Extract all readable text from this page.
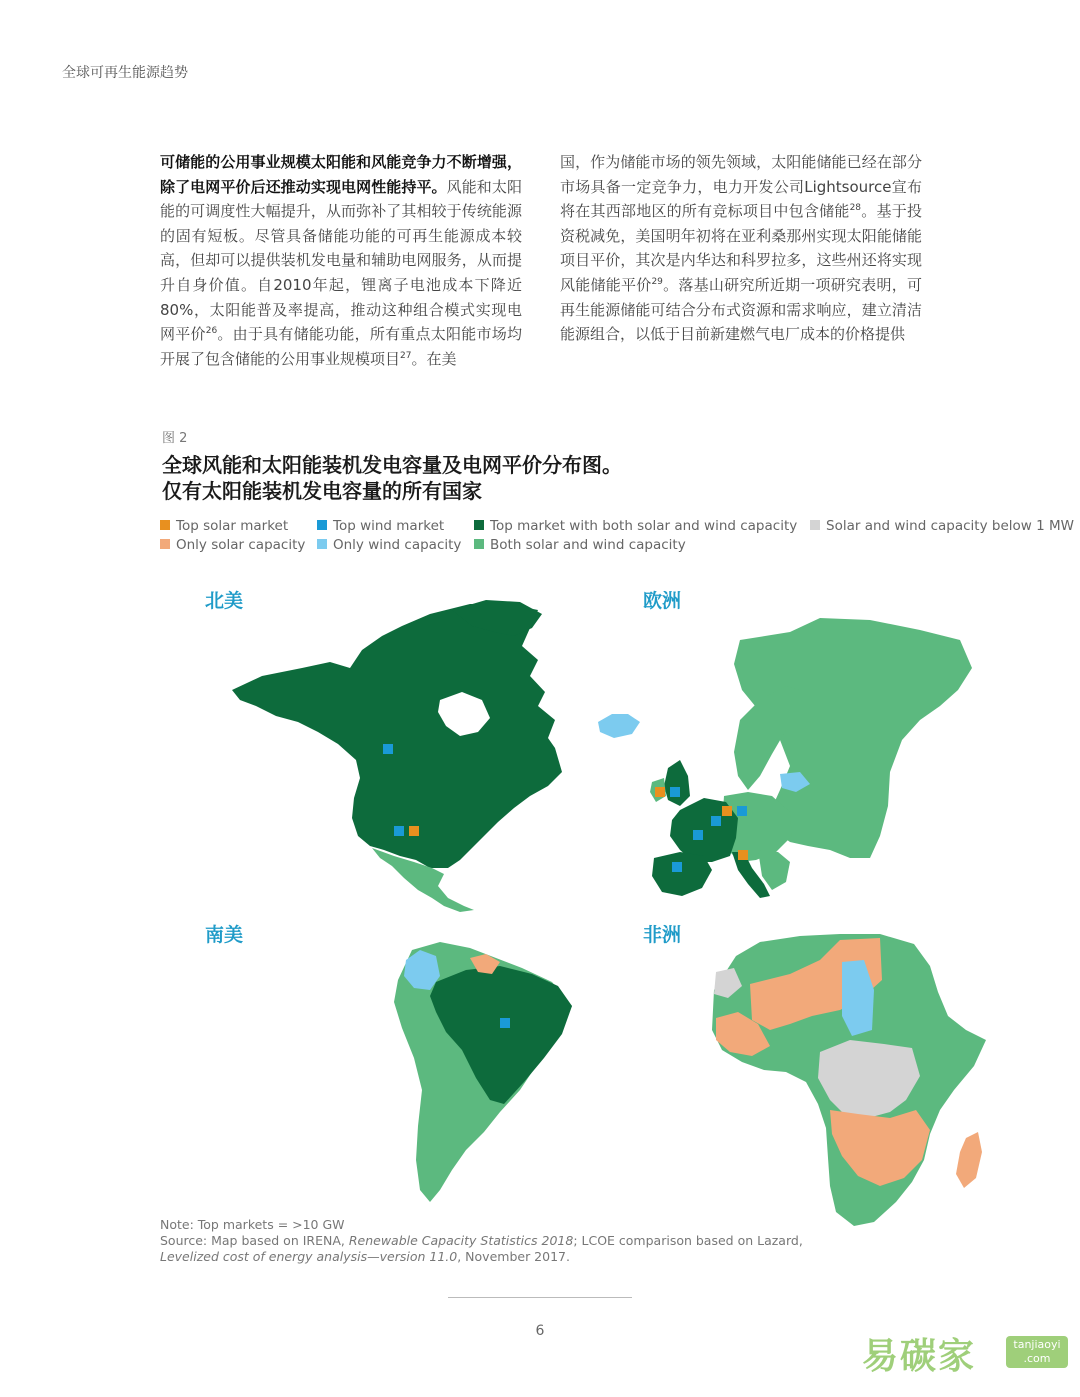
全球可再生能源趋势
可储能的公用事业规模太阳能和风能竞争力不断增强，除了电网平价后还推动实现电网性能持平。风能和太阳能的可调度性大幅提升，从而弥补了其相较于传统能源的固有短板。尽管具备储能功能的可再生能源成本较高，但却可以提供装机发电量和辅助电网服务，从而提升自身价值。自2010年起，锂离子电池成本下降近80%，太阳能普及率提高，推动这种组合模式实现电网平价$^{26}$。由于具有储能功能，所有重点太阳能市场均开展了包含储能的公用事业规模项目$^{27}$。在美
国，作为储能市场的领先领域，太阳能储能已经在部分市场具备一定竞争力，电力开发公司Lightsource宣布将在其西部地区的所有竞标项目中包含储能$^{28}$。基于投资税减免，美国明年初将在亚利桑那州实现太阳能储能项目平价，其次是内华达和科罗拉多，这些州还将实现风能储能平价$^{29}$。落基山研究所近期一项研究表明，可再生能源储能可结合分布式资源和需求响应，建立清洁能源组合，以低于目前新建燃气电厂成本的价格提供
图 2
全球风能和太阳能装机发电容量及电网平价分布图。
仅有太阳能装机发电容量的所有国家
Top solar market	Top wind market	Top market with both solar and wind capacity	Solar and wind capacity below 1 MW
Only solar capacity	Only wind capacity	Both solar and wind capacity
北美	欧洲
南美	非洲
Note: Top markets = >10 GW
Source: Map based on IRENA, Renewable Capacity Statistics 2018; LCOE comparison based on Lazard,
Levelized cost of energy analysis—version 11.0, November 2017.
6
易碳家	tanjiaoyi
.com
